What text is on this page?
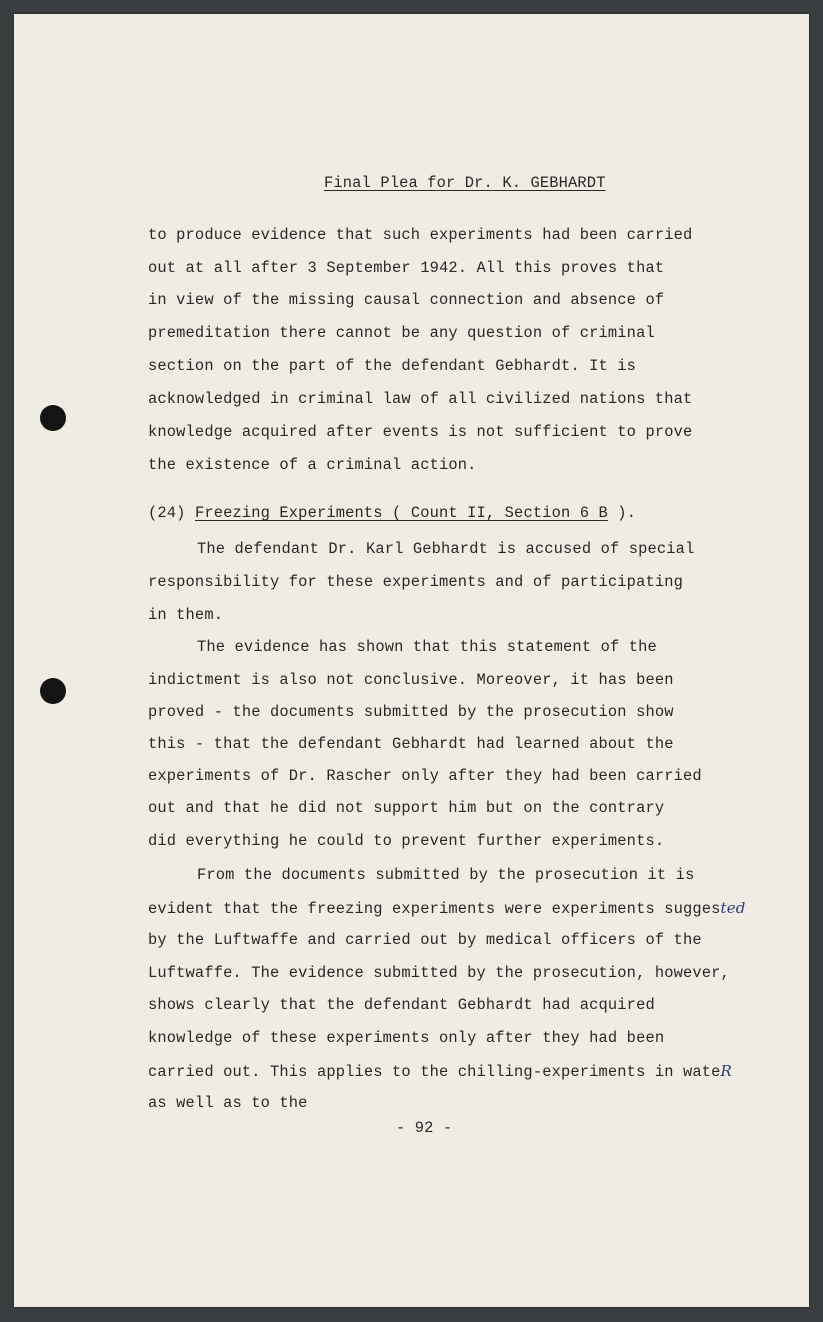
Final Plea for Dr. K. GEBHARDT
to produce evidence that such experiments had been carried
out at all after 3 September 1942. All this proves that
in view of the missing causal connection and absence of
premeditation there cannot be any question of criminal
section on the part of the defendant Gebhardt. It is
acknowledged in criminal law of all civilized nations that
knowledge acquired after events is not sufficient to prove
the existence of a criminal action.
(24) Freezing Experiments ( Count II, Section 6 B ).
The defendant Dr. Karl Gebhardt is accused of special
responsibility for these experiments and of participating
in them.
The evidence has shown that this statement of the
indictment is also not conclusive. Moreover, it has been
proved - the documents submitted by the prosecution show
this - that the defendant Gebhardt had learned about the
experiments of Dr. Rascher only after they had been carried
out and that he did not support him but on the contrary
did everything he could to prevent further experiments.
From the documents submitted by the prosecution it is
evident that the freezing experiments were experiments suggested
by the Luftwaffe and carried out by medical officers of the
Luftwaffe. The evidence submitted by the prosecution, however,
shows clearly that the defendant Gebhardt had acquired
knowledge of these experiments only after they had been
carried out. This applies to the chilling-experiments in wateR
as well as to the
- 92 -
